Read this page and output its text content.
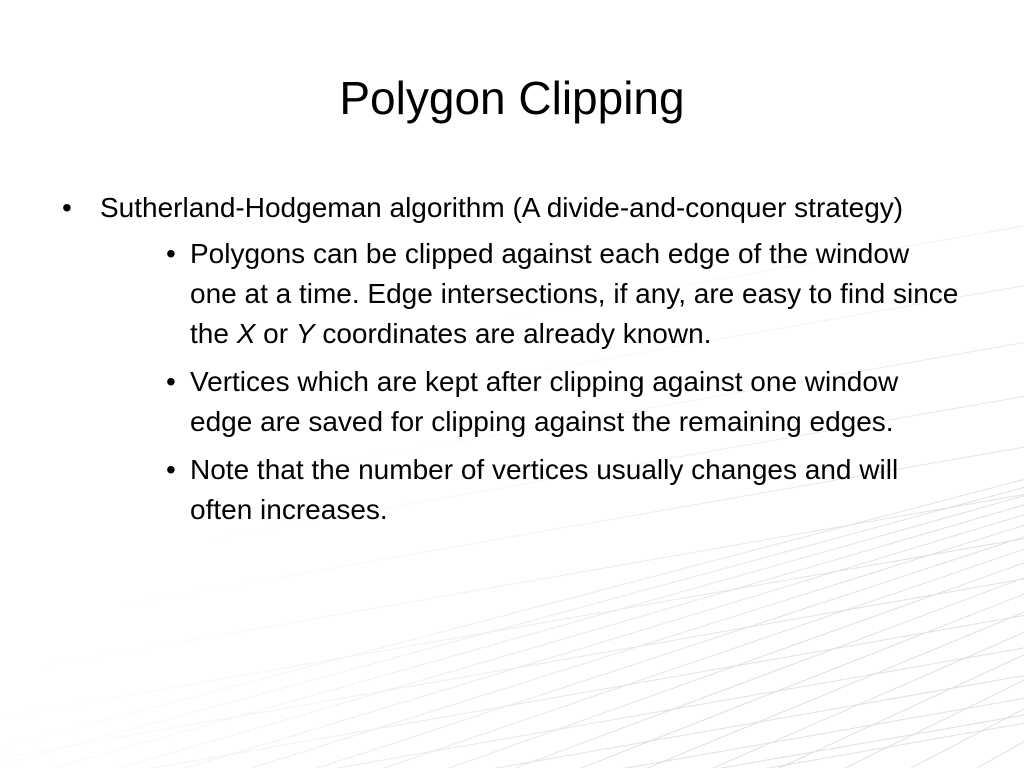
Polygon Clipping
• Sutherland-Hodgeman algorithm (A divide-and-conquer strategy)
• Polygons can be clipped against each edge of the window one at a time. Edge intersections, if any, are easy to find since the X or Y coordinates are already known.
• Vertices which are kept after clipping against one window edge are saved for clipping against the remaining edges.
• Note that the number of vertices usually changes and will often increases.
